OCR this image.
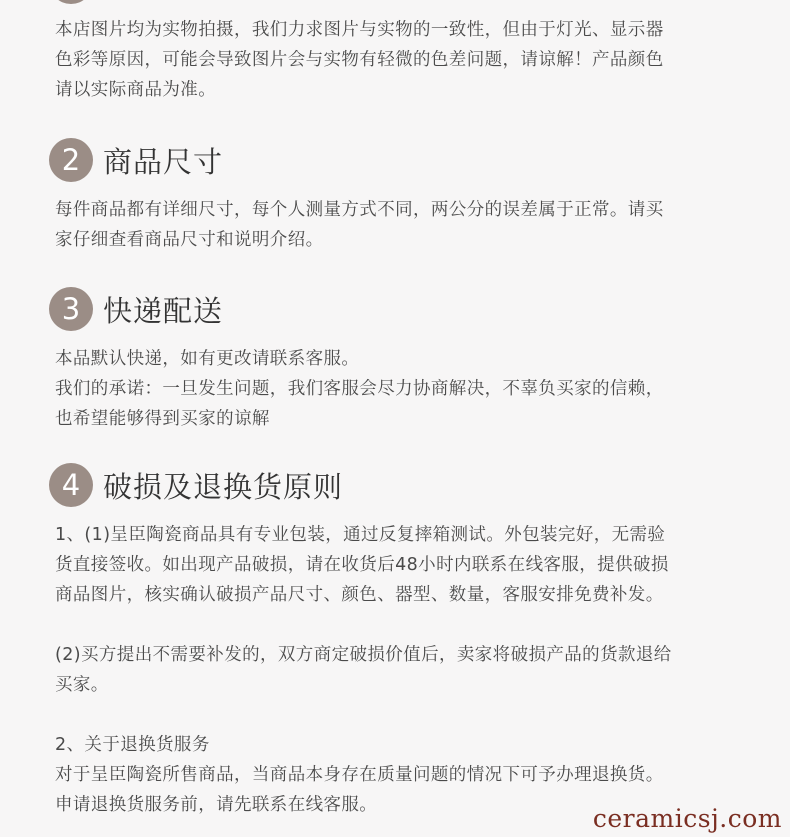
本店图片均为实物拍摄，我们力求图片与实物的一致性，但由于灯光、显示器
色彩等原因，可能会导致图片会与实物有轻微的色差问题，请谅解！产品颜色
请以实际商品为准。

2 商品尺寸

每件商品都有详细尺寸，每个人测量方式不同，两公分的误差属于正常。请买
家仔细查看商品尺寸和说明介绍。

3 快递配送

本品默认快递，如有更改请联系客服。
我们的承诺：一旦发生问题，我们客服会尽力协商解决，不辜负买家的信赖，
也希望能够得到买家的谅解

4 破损及退换货原则

1、(1)呈臣陶瓷商品具有专业包装，通过反复摔箱测试。外包装完好，无需验
货直接签收。如出现产品破损，请在收货后48小时内联系在线客服，提供破损
商品图片，核实确认破损产品尺寸、颜色、器型、数量，客服安排免费补发。

(2)买方提出不需要补发的，双方商定破损价值后，卖家将破损产品的货款退给
买家。

2、关于退换货服务
对于呈臣陶瓷所售商品，当商品本身存在质量问题的情况下可予办理退换货。
申请退换货服务前，请先联系在线客服。	ceramicsj.com
